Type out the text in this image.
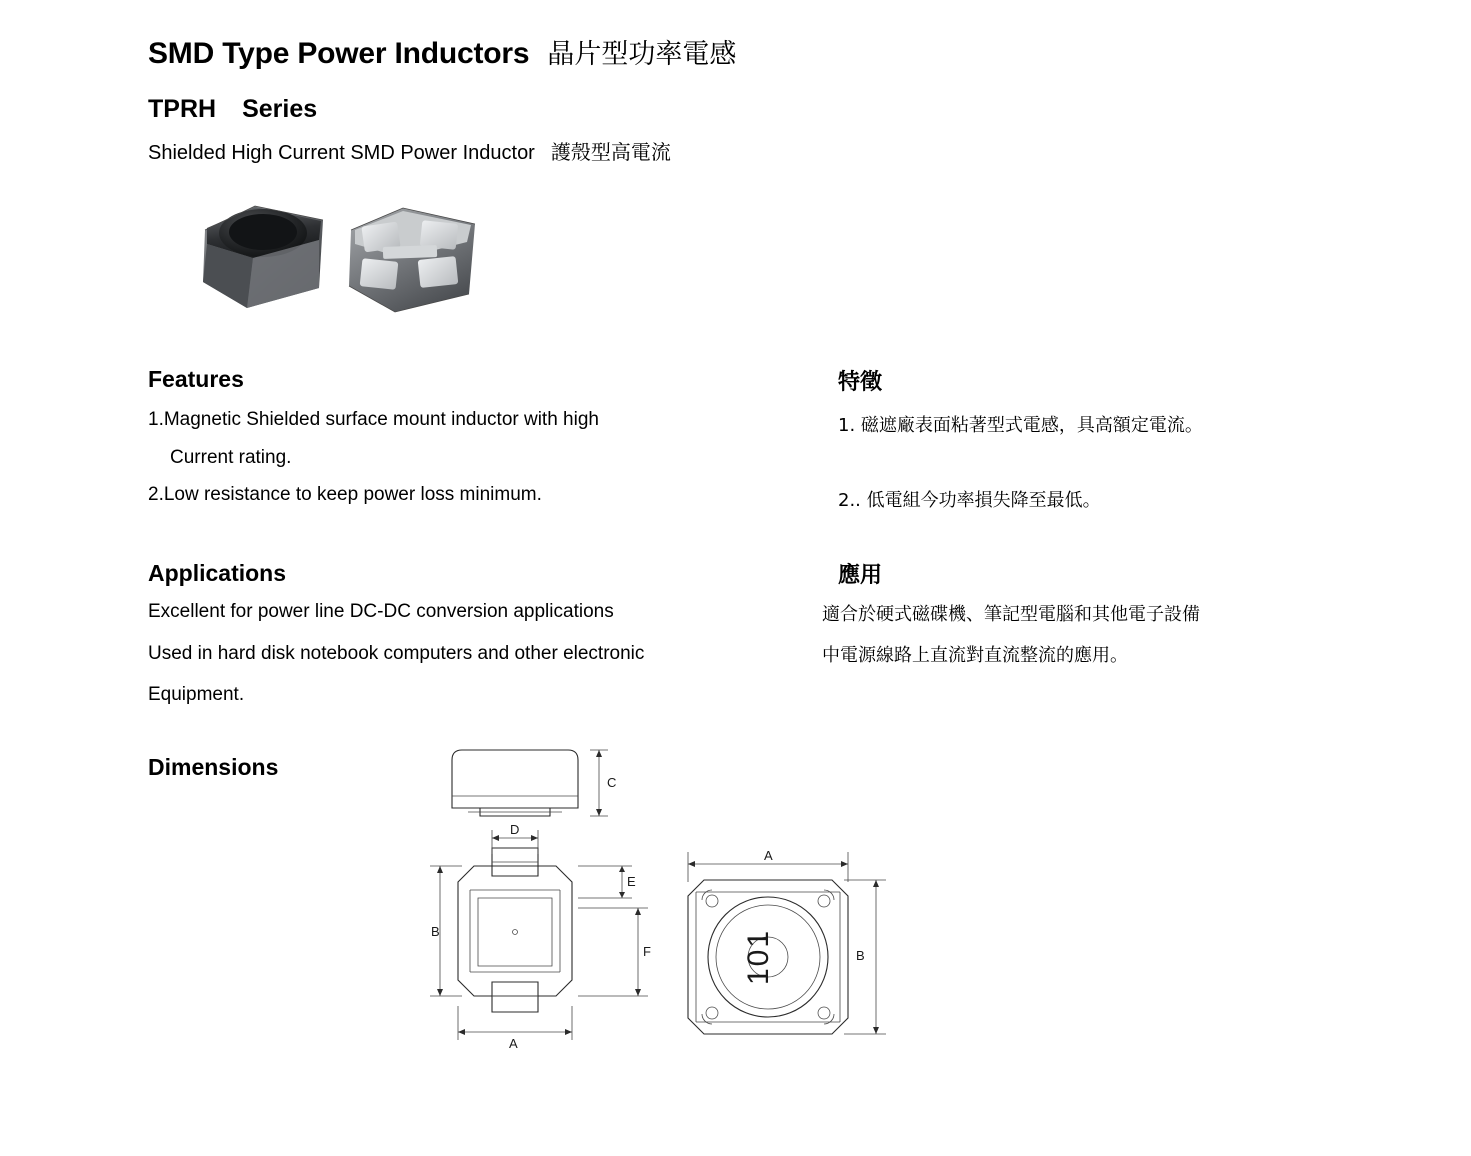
SMD Type Power Inductors 晶片型功率電感
TPRH Series
Shielded High Current SMD Power Inductor 護殼型高電流
Features	特徵
1.Magnetic Shielded surface mount inductor with high
Current rating.
2.Low resistance to keep power loss minimum.
1. 磁遮廠表面粘著型式電感，具高額定電流。
2.. 低電組今功率損失降至最低。
Applications	應用
Excellent for power line DC-DC conversion applications
Used in hard disk notebook computers and other electronic
Equipment.
適合於硬式磁碟機、筆記型電腦和其他電子設備
中電源線路上直流對直流整流的應用。
Dimensions
C
D
B
A
E
F	101
A
B
